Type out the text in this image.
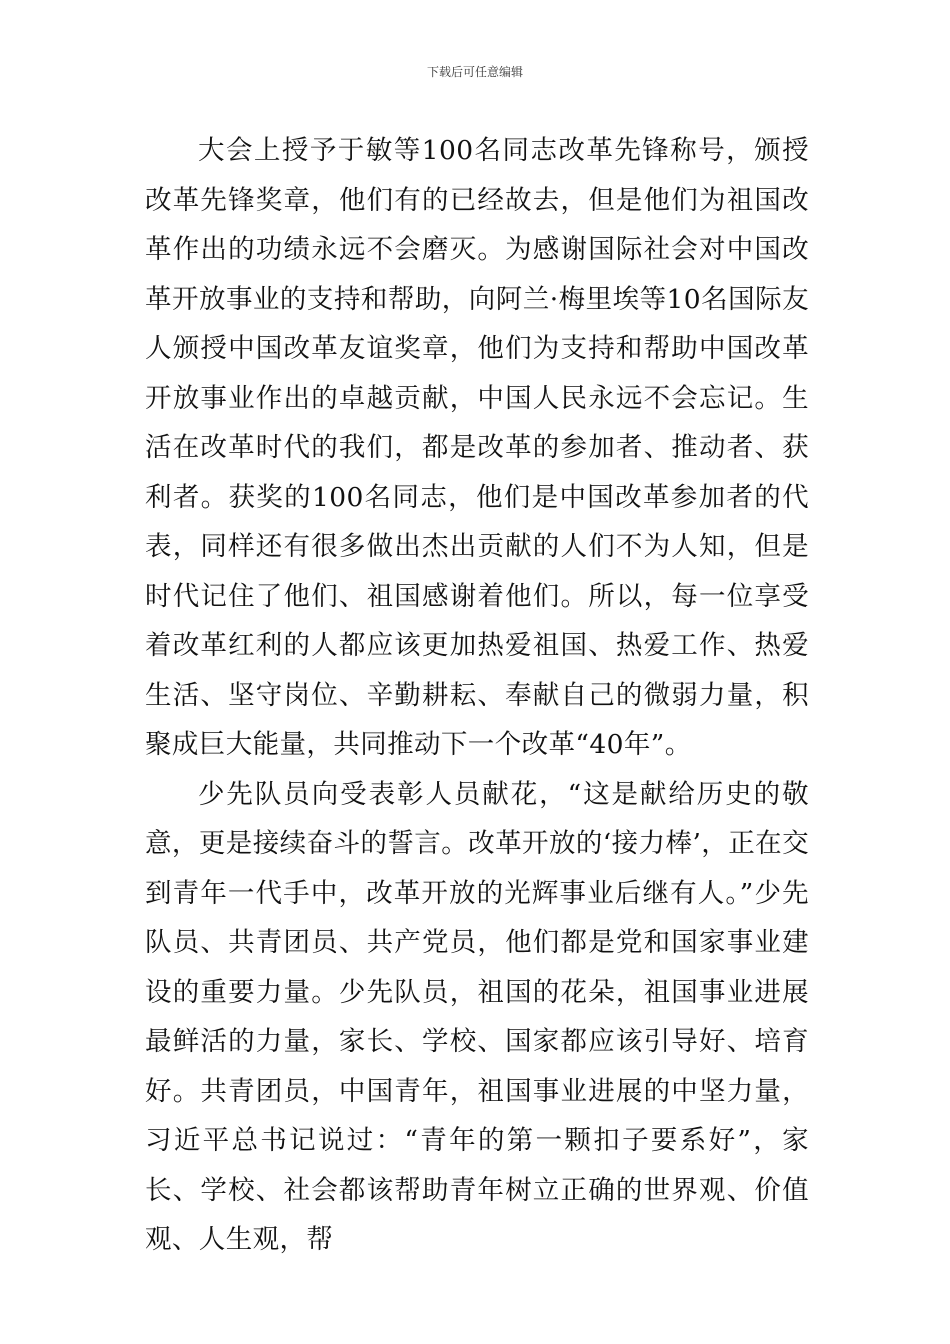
下载后可任意编辑

大会上授予于敏等100名同志改革先锋称号，颁授改革先锋奖章，他们有的已经故去，但是他们为祖国改革作出的功绩永远不会磨灭。为感谢国际社会对中国改革开放事业的支持和帮助，向阿兰·梅里埃等10名国际友人颁授中国改革友谊奖章，他们为支持和帮助中国改革开放事业作出的卓越贡献，中国人民永远不会忘记。生活在改革时代的我们，都是改革的参加者、推动者、获利者。获奖的100名同志，他们是中国改革参加者的代表，同样还有很多做出杰出贡献的人们不为人知，但是时代记住了他们、祖国感谢着他们。所以，每一位享受着改革红利的人都应该更加热爱祖国、热爱工作、热爱生活、坚守岗位、辛勤耕耘、奉献自己的微弱力量，积聚成巨大能量，共同推动下一个改革“40年”。

少先队员向受表彰人员献花，“这是献给历史的敬意，更是接续奋斗的誓言。改革开放的‘接力棒’，正在交到青年一代手中，改革开放的光辉事业后继有人。”少先队员、共青团员、共产党员，他们都是党和国家事业建设的重要力量。少先队员，祖国的花朵，祖国事业进展最鲜活的力量，家长、学校、国家都应该引导好、培育好。共青团员，中国青年，祖国事业进展的中坚力量，习近平总书记说过：“青年的第一颗扣子要系好”，家长、学校、社会都该帮助青年树立正确的世界观、价值观、人生观，帮
